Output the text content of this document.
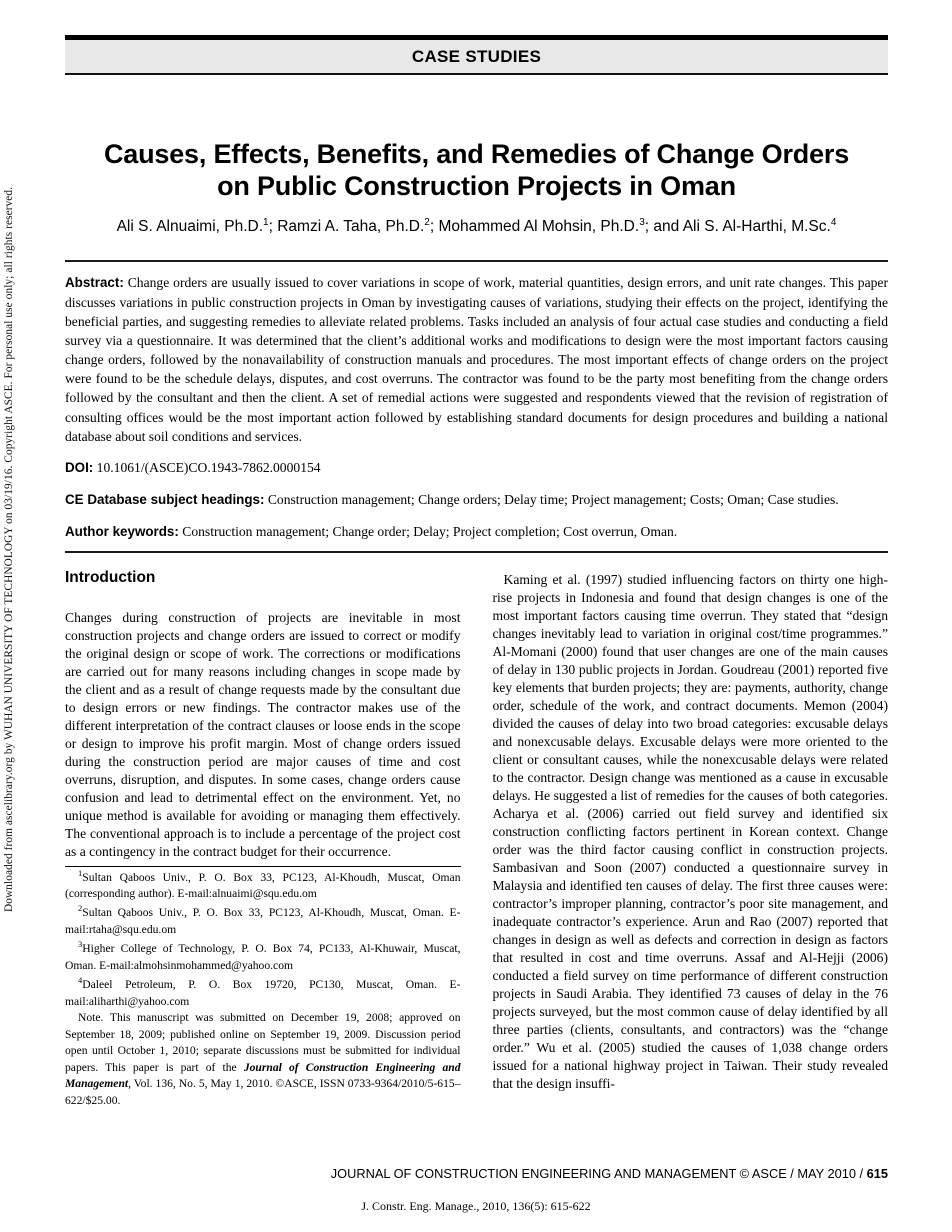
Downloaded from ascelibrary.org by WUHAN UNIVERSITY OF TECHNOLOGY on 03/19/16. Copyright ASCE. For personal use only; all rights reserved.
CASE STUDIES
Causes, Effects, Benefits, and Remedies of Change Orders
on Public Construction Projects in Oman

Ali S. Alnuaimi, Ph.D.$^1$; Ramzi A. Taha, Ph.D.$^2$; Mohammed Al Mohsin, Ph.D.$^3$; and Ali S. Al-Harthi, M.Sc.$^4$

Abstract: Change orders are usually issued to cover variations in scope of work, material quantities, design errors, and unit rate changes. This paper discusses variations in public construction projects in Oman by investigating causes of variations, studying their effects on the project, identifying the beneficial parties, and suggesting remedies to alleviate related problems. Tasks included an analysis of four actual case studies and conducting a field survey via a questionnaire. It was determined that the client’s additional works and modifications to design were the most important factors causing change orders, followed by the nonavailability of construction manuals and procedures. The most important effects of change orders on the project were found to be the schedule delays, disputes, and cost overruns. The contractor was found to be the party most benefiting from the change orders followed by the consultant and then the client. A set of remedial actions were suggested and respondents viewed that the revision of registration of consulting offices would be the most important action followed by establishing standard documents for design procedures and building a national database about soil conditions and services.

DOI: 10.1061/(ASCE)CO.1943-7862.0000154

CE Database subject headings: Construction management; Change orders; Delay time; Project management; Costs; Oman; Case studies.

Author keywords: Construction management; Change order; Delay; Project completion; Cost overrun, Oman.

Introduction

Changes during construction of projects are inevitable in most construction projects and change orders are issued to correct or modify the original design or scope of work. The corrections or modifications are carried out for many reasons including changes in scope made by the client and as a result of change requests made by the consultant due to design errors or new findings. The contractor makes use of the different interpretation of the contract clauses or loose ends in the scope or design to improve his profit margin. Most of change orders issued during the construction period are major causes of time and cost overruns, disruption, and disputes. In some cases, change orders cause confusion and lead to detrimental effect on the environment. Yet, no unique method is available for avoiding or managing them effectively. The conventional approach is to include a percentage of the project cost as a contingency in the contract budget for their occurrence.

$^1$Sultan Qaboos Univ., P. O. Box 33, PC123, Al-Khoudh, Muscat, Oman (corresponding author). E-mail:alnuaimi@squ.edu.om

$^2$Sultan Qaboos Univ., P. O. Box 33, PC123, Al-Khoudh, Muscat, Oman. E-mail:rtaha@squ.edu.om

$^3$Higher College of Technology, P. O. Box 74, PC133, Al-Khuwair, Muscat, Oman. E-mail:almohsinmohammed@yahoo.com

$^4$Daleel Petroleum, P. O. Box 19720, PC130, Muscat, Oman. E-mail:aliharthi@yahoo.com

Note. This manuscript was submitted on December 19, 2008; approved on September 18, 2009; published online on September 19, 2009. Discussion period open until October 1, 2010; separate discussions must be submitted for individual papers. This paper is part of the Journal of Construction Engineering and Management, Vol. 136, No. 5, May 1, 2010. ©ASCE, ISSN 0733-9364/2010/5-615–622/$25.00.

Kaming et al. (1997) studied influencing factors on thirty one high-rise projects in Indonesia and found that design changes is one of the most important factors causing time overrun. They stated that “design changes inevitably lead to variation in original cost/time programmes.” Al-Momani (2000) found that user changes are one of the main causes of delay in 130 public projects in Jordan. Goudreau (2001) reported five key elements that burden projects; they are: payments, authority, change order, schedule of the work, and contract documents. Memon (2004) divided the causes of delay into two broad categories: excusable delays and nonexcusable delays. Excusable delays were more oriented to the client or consultant causes, while the nonexcusable delays were related to the contractor. Design change was mentioned as a cause in excusable delays. He suggested a list of remedies for the causes of both categories. Acharya et al. (2006) carried out field survey and identified six construction conflicting factors pertinent in Korean context. Change order was the third factor causing conflict in construction projects. Sambasivan and Soon (2007) conducted a questionnaire survey in Malaysia and identified ten causes of delay. The first three causes were: contractor’s improper planning, contractor’s poor site management, and inadequate contractor’s experience. Arun and Rao (2007) reported that changes in design as well as defects and correction in design as factors that resulted in cost and time overruns. Assaf and Al-Hejji (2006) conducted a field survey on time performance of different construction projects in Saudi Arabia. They identified 73 causes of delay in the 76 projects surveyed, but the most common cause of delay identified by all three parties (clients, consultants, and contractors) was the “change order.” Wu et al. (2005) studied the causes of 1,038 change orders issued for a national highway project in Taiwan. Their study revealed that the design insuffi-

JOURNAL OF CONSTRUCTION ENGINEERING AND MANAGEMENT © ASCE / MAY 2010 / 615
J. Constr. Eng. Manage., 2010, 136(5): 615-622
